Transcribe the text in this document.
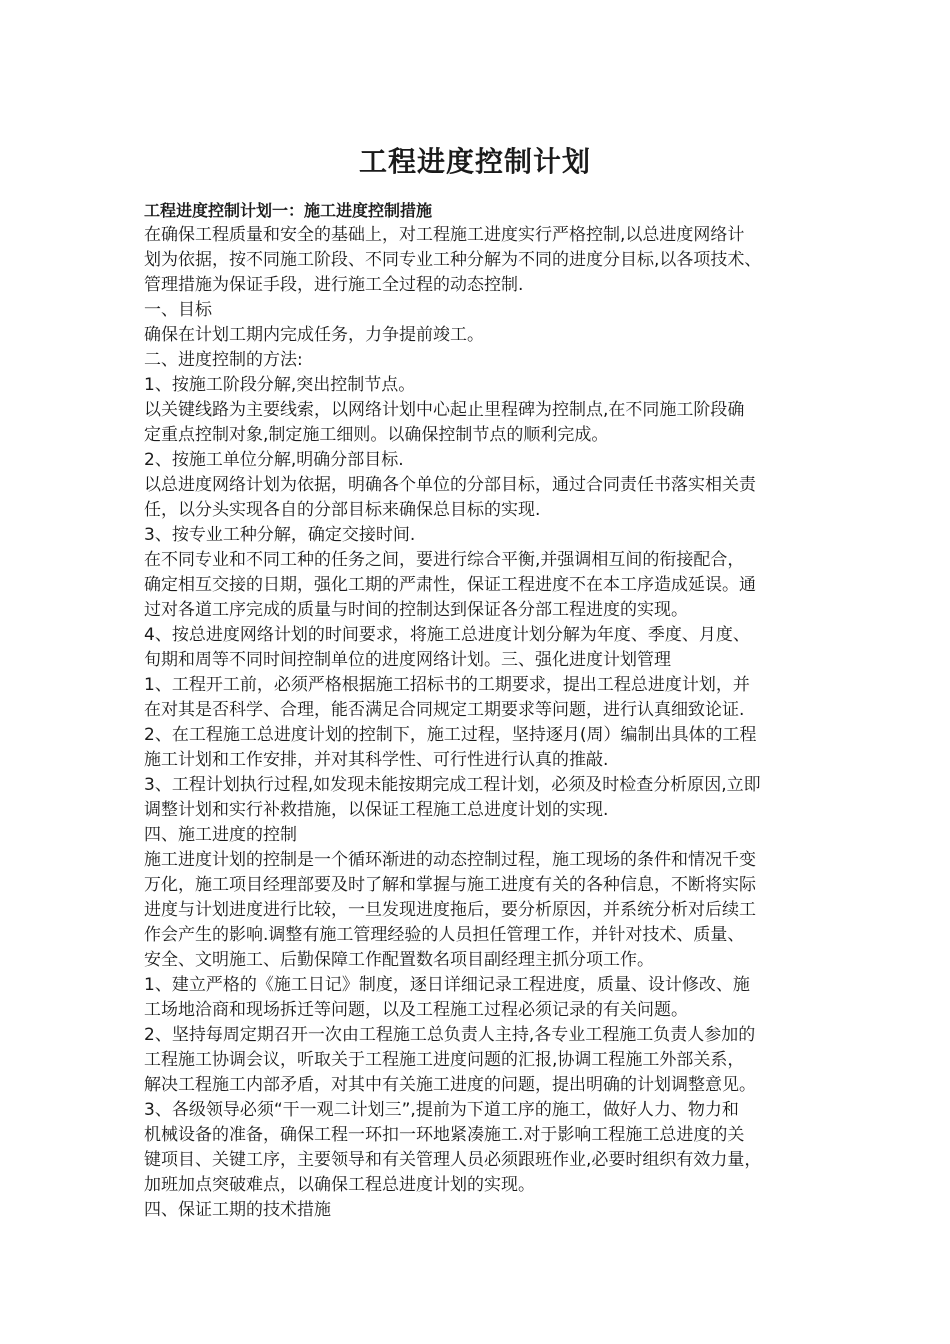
工程进度控制计划

工程进度控制计划一：施工进度控制措施

在确保工程质量和安全的基础上，对工程施工进度实行严格控制,以总进度网络计

划为依据，按不同施工阶段、不同专业工种分解为不同的进度分目标,以各项技术、

管理措施为保证手段，进行施工全过程的动态控制.

一、目标

确保在计划工期内完成任务，力争提前竣工。

二、进度控制的方法:

1、按施工阶段分解,突出控制节点。

以关键线路为主要线索，以网络计划中心起止里程碑为控制点,在不同施工阶段确

定重点控制对象,制定施工细则。以确保控制节点的顺利完成。

2、按施工单位分解,明确分部目标.

以总进度网络计划为依据，明确各个单位的分部目标，通过合同责任书落实相关责

任，以分头实现各自的分部目标来确保总目标的实现.

3、按专业工种分解，确定交接时间.

在不同专业和不同工种的任务之间，要进行综合平衡,并强调相互间的衔接配合，

确定相互交接的日期，强化工期的严肃性，保证工程进度不在本工序造成延误。通

过对各道工序完成的质量与时间的控制达到保证各分部工程进度的实现。

4、按总进度网络计划的时间要求，将施工总进度计划分解为年度、季度、月度、

旬期和周等不同时间控制单位的进度网络计划。三、强化进度计划管理

1、工程开工前，必须严格根据施工招标书的工期要求，提出工程总进度计划，并

在对其是否科学、合理，能否满足合同规定工期要求等问题，进行认真细致论证.

2、在工程施工总进度计划的控制下，施工过程，坚持逐月(周）编制出具体的工程

施工计划和工作安排，并对其科学性、可行性进行认真的推敲.

3、工程计划执行过程,如发现未能按期完成工程计划，必须及时检查分析原因,立即

调整计划和实行补救措施，以保证工程施工总进度计划的实现.

四、施工进度的控制

施工进度计划的控制是一个循环渐进的动态控制过程，施工现场的条件和情况千变

万化，施工项目经理部要及时了解和掌握与施工进度有关的各种信息，不断将实际

进度与计划进度进行比较，一旦发现进度拖后，要分析原因，并系统分析对后续工

作会产生的影响.调整有施工管理经验的人员担任管理工作，并针对技术、质量、

安全、文明施工、后勤保障工作配置数名项目副经理主抓分项工作。

1、建立严格的《施工日记》制度，逐日详细记录工程进度，质量、设计修改、施

工场地洽商和现场拆迁等问题，以及工程施工过程必须记录的有关问题。

2、坚持每周定期召开一次由工程施工总负责人主持,各专业工程施工负责人参加的

工程施工协调会议，听取关于工程施工进度问题的汇报,协调工程施工外部关系，

解决工程施工内部矛盾，对其中有关施工进度的问题，提出明确的计划调整意见。

3、各级领导必须“干一观二计划三”,提前为下道工序的施工，做好人力、物力和

机械设备的准备，确保工程一环扣一环地紧凑施工.对于影响工程施工总进度的关

键项目、关键工序，主要领导和有关管理人员必须跟班作业,必要时组织有效力量，

加班加点突破难点，以确保工程总进度计划的实现。

四、保证工期的技术措施
